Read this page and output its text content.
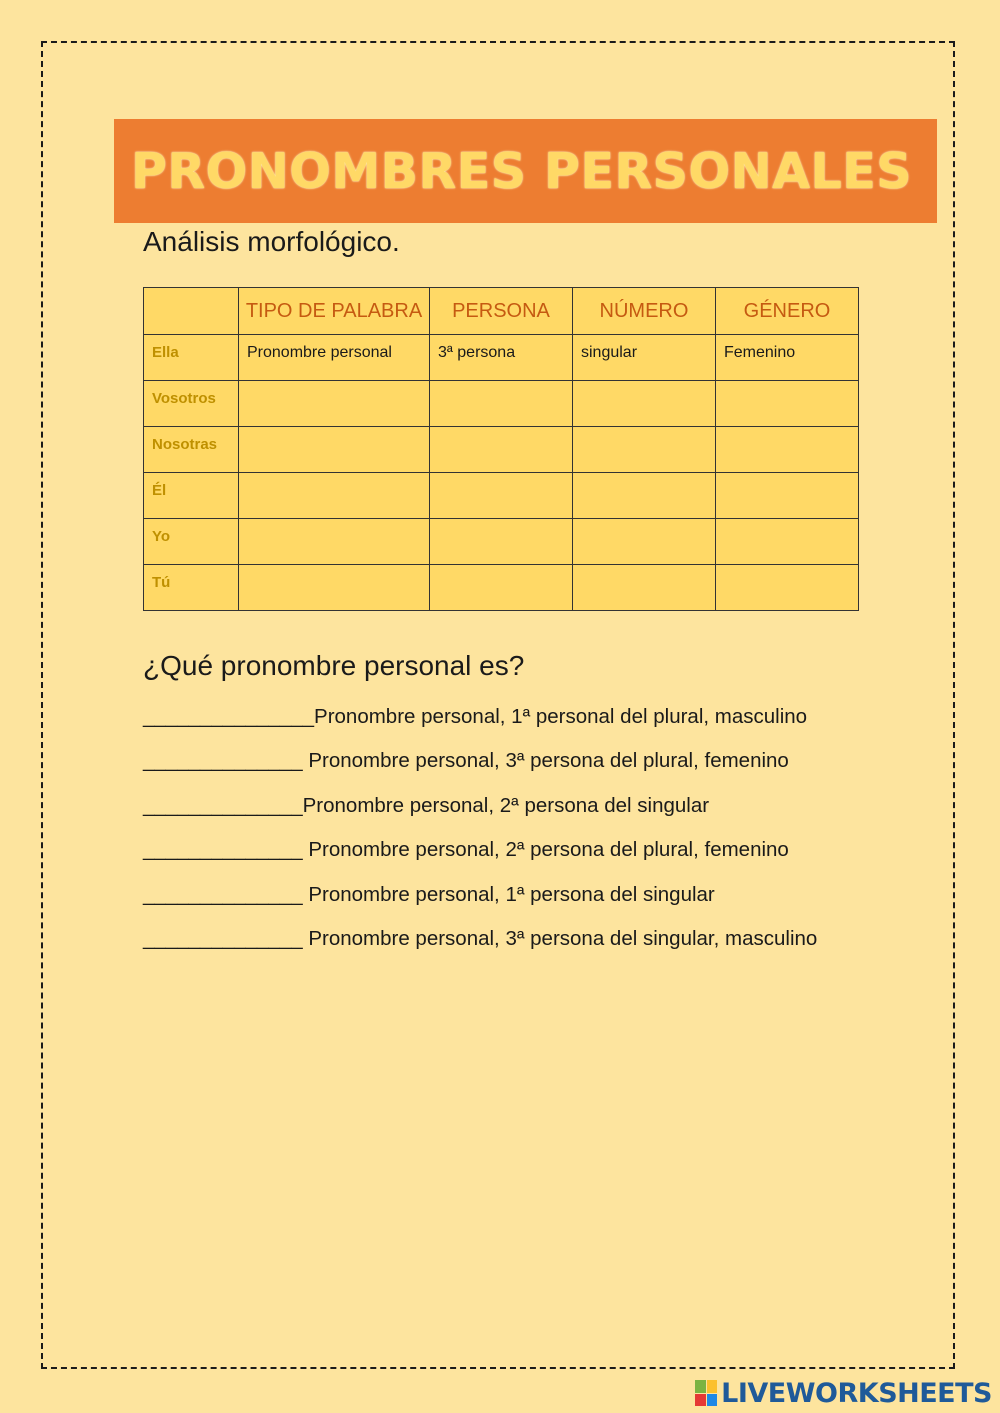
PRONOMBRES PERSONALES
Análisis morfológico.
	TIPO DE PALABRA	PERSONA	NÚMERO	GÉNERO
Ella	Pronombre personal	3ª persona	singular	Femenino
Vosotros				
Nosotras				
Él				
Yo				
Tú				
¿Qué pronombre personal es?
_______________Pronombre personal, 1ª personal del plural, masculino
______________ Pronombre personal, 3ª persona del plural, femenino
______________Pronombre personal, 2ª persona del singular
______________ Pronombre personal, 2ª persona del plural, femenino
______________ Pronombre personal, 1ª persona del singular
______________ Pronombre personal, 3ª persona del singular, masculino
LIVEWORKSHEETS
